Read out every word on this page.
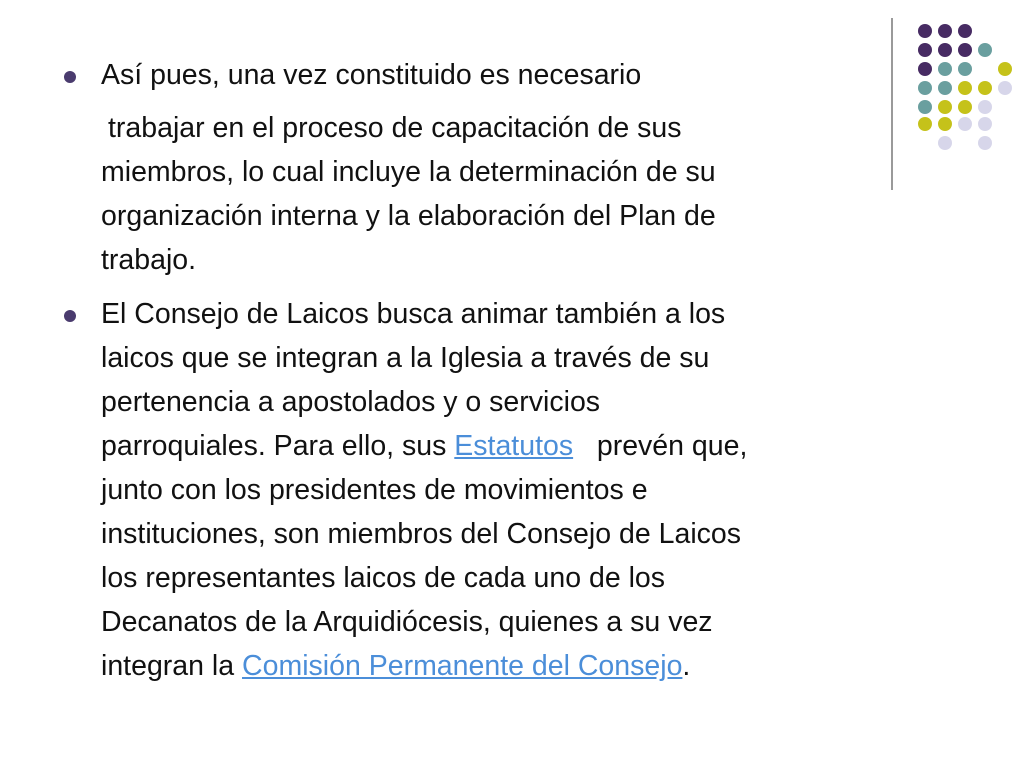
Así pues, una vez constituido es necesario
trabajar en el proceso de capacitación de sus
miembros, lo cual incluye la determinación de su
organización interna y la elaboración del Plan de
trabajo.
El Consejo de Laicos busca animar también a los
laicos que se integran a la Iglesia a través de su
pertenencia a apostolados y o servicios
parroquiales. Para ello, sus Estatutos   prevén que,
junto con los presidentes de movimientos e
instituciones, son miembros del Consejo de Laicos
los representantes laicos de cada uno de los
Decanatos de la Arquidiócesis, quienes a su vez
integran la Comisión Permanente del Consejo.
